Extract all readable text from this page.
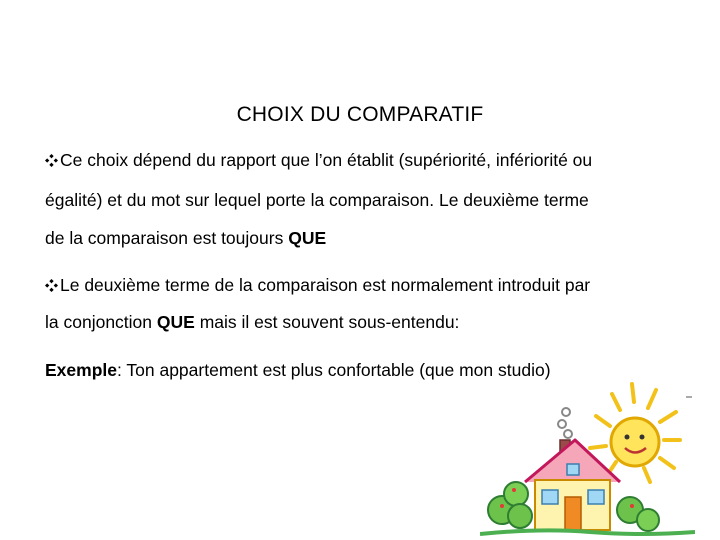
CHOIX DU COMPARATIF
Ce choix dépend du rapport que l’on établit (supériorité, infériorité ou
égalité) et du mot sur lequel porte la comparaison. Le deuxième terme
de la comparaison est toujours QUE
Le deuxième terme de la comparaison est normalement introduit par
la conjonction QUE mais il est souvent sous-entendu:
Exemple: Ton appartement est plus confortable (que mon studio)
